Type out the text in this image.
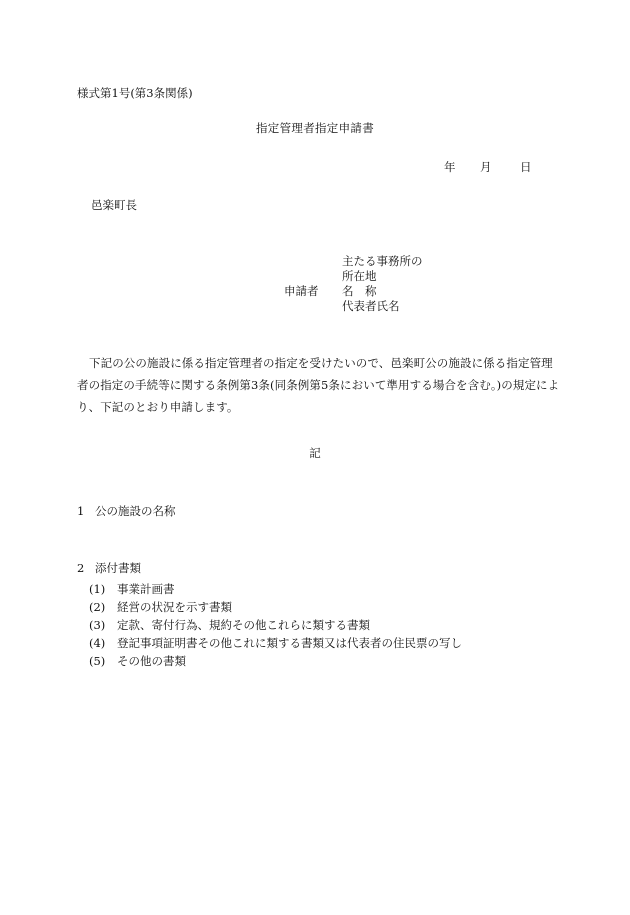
様式第1号(第3条関係)
指定管理者指定申請書
年 月 日
邑楽町長
申請者
主たる事務所の
所在地
名　称
代表者氏名
下記の公の施設に係る指定管理者の指定を受けたいので、邑楽町公の施設に係る指定管理者の指定の手続等に関する条例第3条(同条例第5条において準用する場合を含む。)の規定により、下記のとおり申請します。
記
1 公の施設の名称
2 添付書類
(1) 事業計画書
(2) 経営の状況を示す書類
(3) 定款、寄付行為、規約その他これらに類する書類
(4) 登記事項証明書その他これに類する書類又は代表者の住民票の写し
(5) その他の書類
